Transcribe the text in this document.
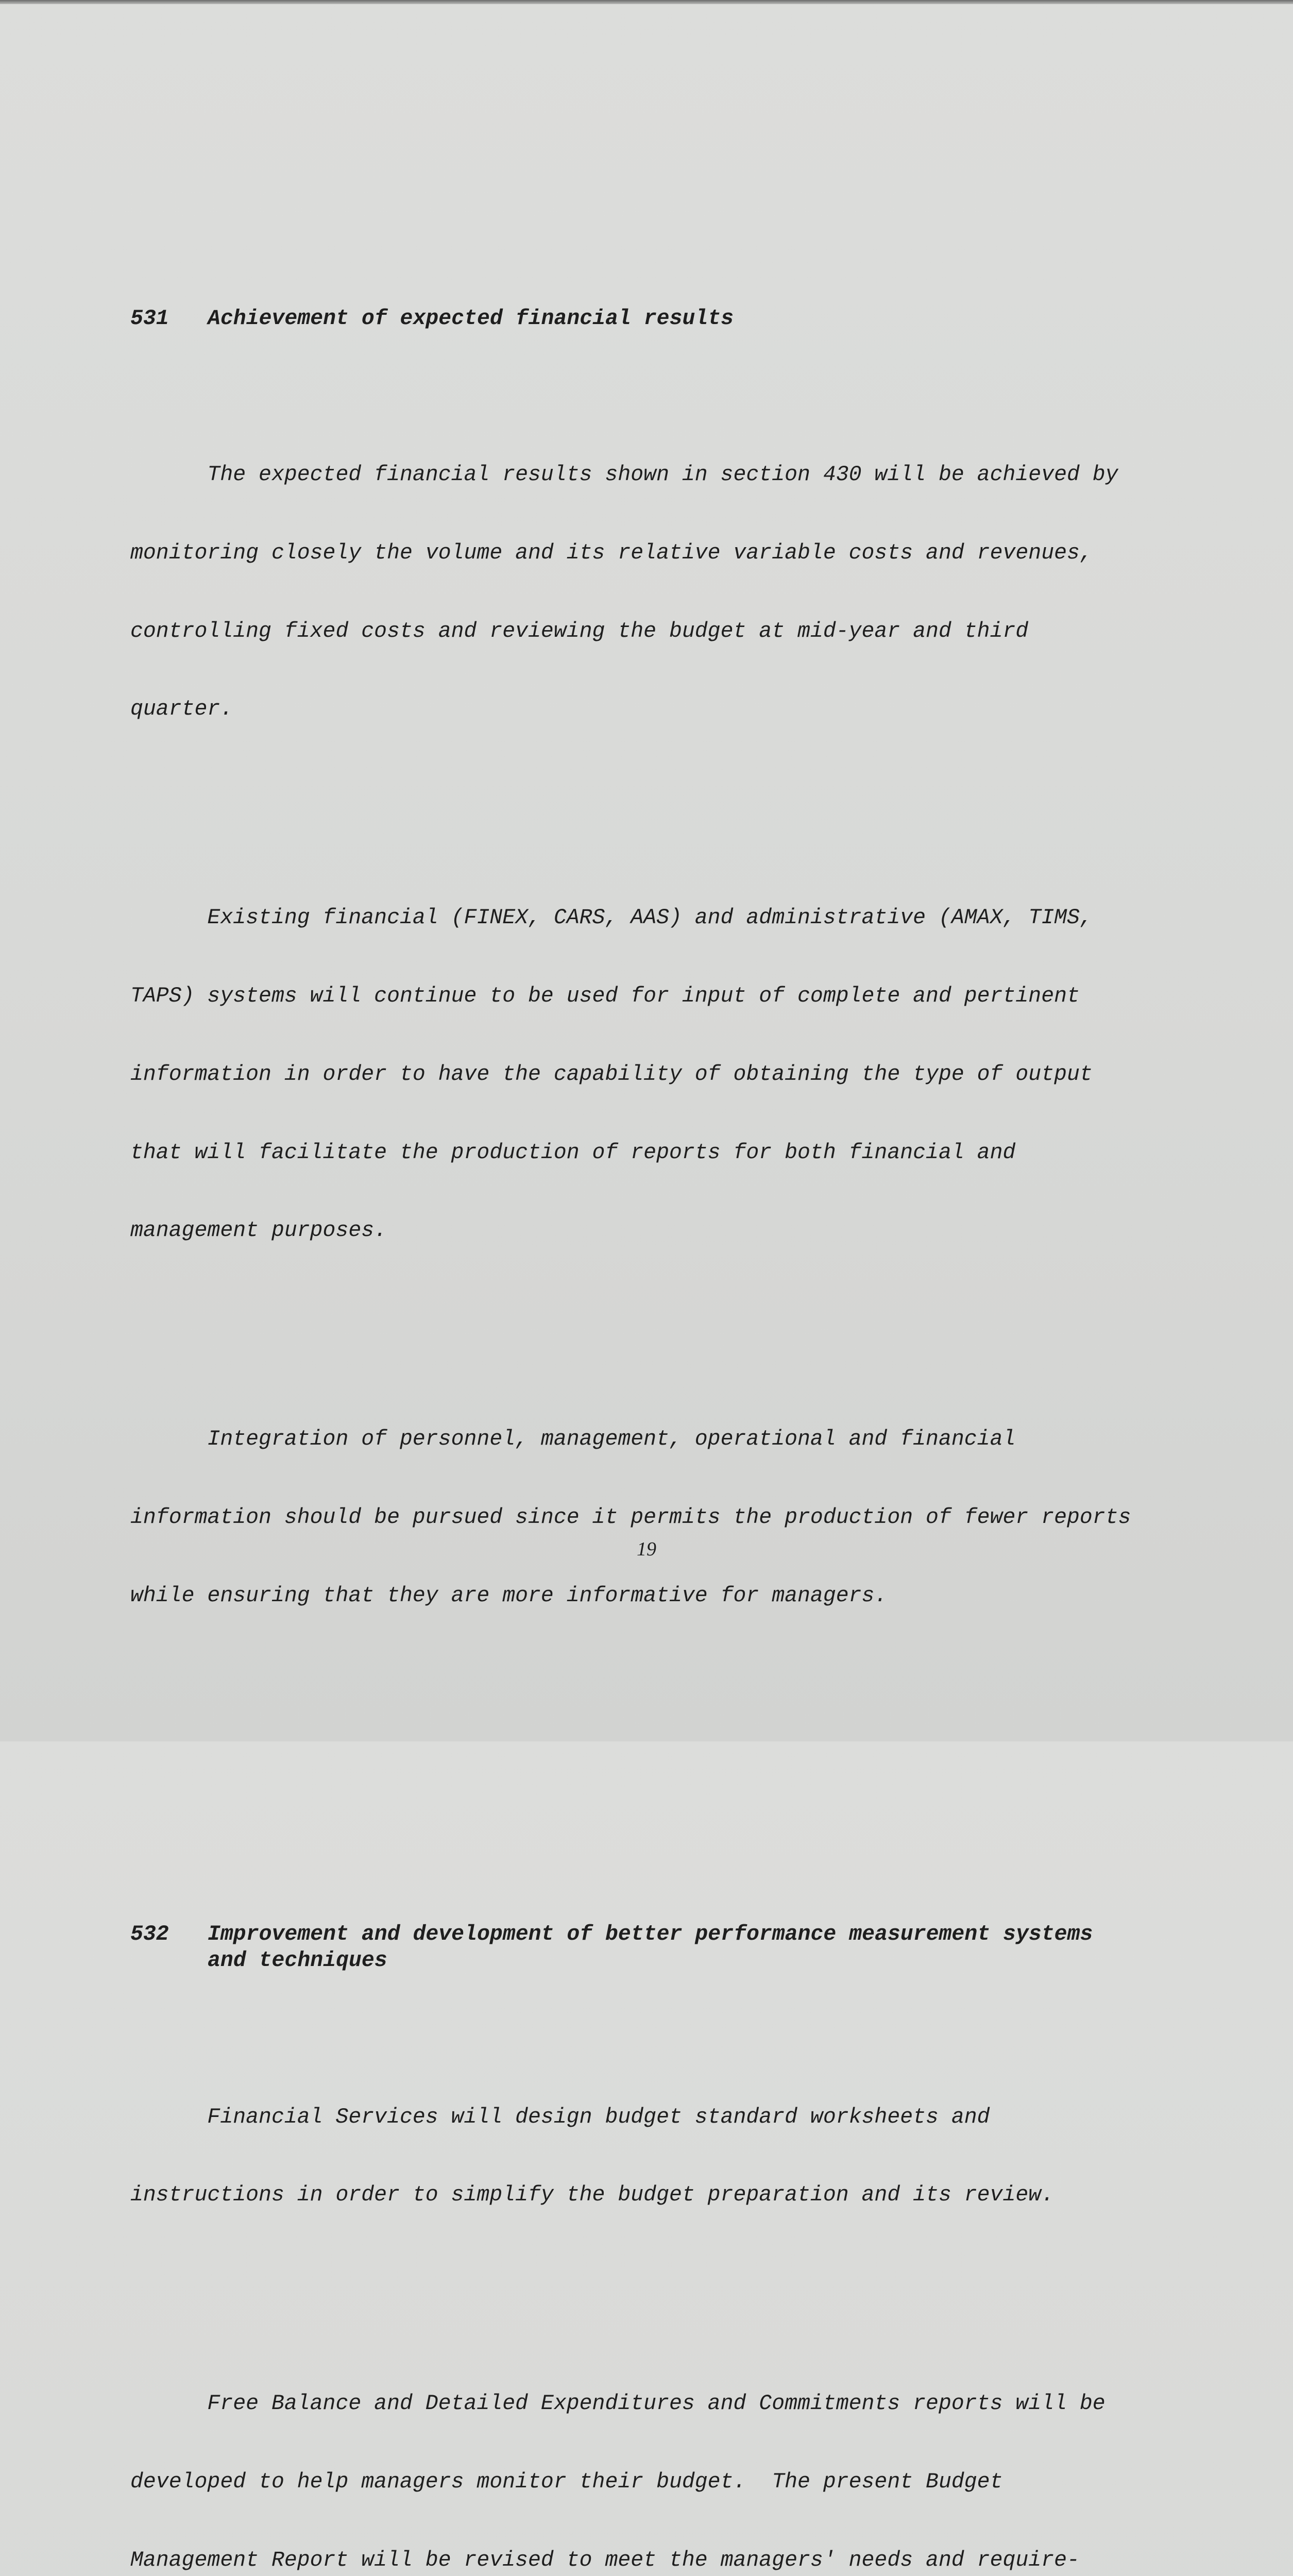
531	Achievement of expected financial results

The expected financial results shown in section 430 will be achieved by

monitoring closely the volume and its relative variable costs and revenues,

controlling fixed costs and reviewing the budget at mid-year and third

quarter.

Existing financial (FINEX, CARS, AAS) and administrative (AMAX, TIMS,

TAPS) systems will continue to be used for input of complete and pertinent

information in order to have the capability of obtaining the type of output

that will facilitate the production of reports for both financial and

management purposes.

Integration of personnel, management, operational and financial

information should be pursued since it permits the production of fewer reports

while ensuring that they are more informative for managers.

532	Improvement and development of better performance measurement systems
and techniques

Financial Services will design budget standard worksheets and

instructions in order to simplify the budget preparation and its review.

Free Balance and Detailed Expenditures and Commitments reports will be

developed to help managers monitor their budget.  The present Budget

Management Report will be revised to meet the managers' needs and require-

19
